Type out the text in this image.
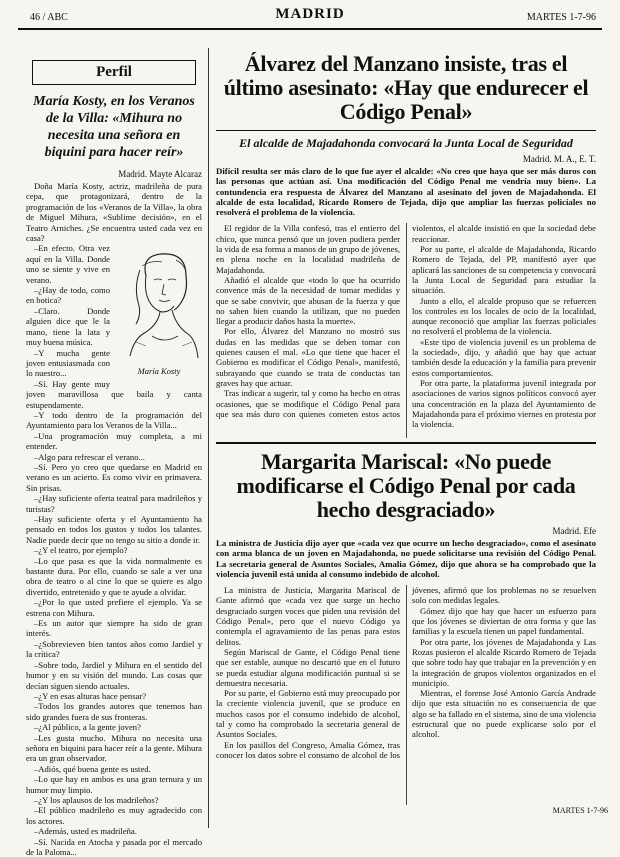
46 / ABC	MADRID	MARTES 1-7-96
Perfil
María Kosty, en los Veranos de la Villa: «Mihura no necesita una señora en biquini para hacer reír»
Madrid. Mayte Alcaraz

Doña María Kosty, actriz, madrileña de pura cepa, que protagonizará, dentro de la programación de los «Veranos de la Villa», la obra de Miguel Mihura, «Sublime decisión», en el Teatro Arniches. ¿Se encuentra usted cada vez en casa?

María Kosty

–En efecto. Otra vez aquí en la Villa. Donde uno se siente y vive en verano.

–¿Hay de todo, como en botica?

–Claro. Donde alguien dice que le la mano, tiene la lata y muy buena música.

–Y mucha gente joven entusiasmada con lo nuestro...

–Sí. Hay gente muy joven maravillosa que baila y canta estupendamente.

–Y todo dentro de la programación del Ayuntamiento para los Veranos de la Villa...

–Una programación muy completa, a mi entender.

–Algo para refrescar el verano...

–Sí. Pero yo creo que quedarse en Madrid en verano es un acierto. Es como vivir en primavera. Sin prisas.

–¿Hay suficiente oferta teatral para madrileños y turistas?

–Hay suficiente oferta y el Ayuntamiento ha pensado en todos los gustos y todos los talantes. Nadie puede decir que no tengo su sitio a donde ir.

–¿Y el teatro, por ejemplo?

–Lo que pasa es que la vida normalmente es bastante dura. Por ello, cuando se sale a ver una obra de teatro o al cine lo que se quiere es algo divertido, entretenido y que te ayude a olvidar.

–¿Por lo que usted prefiere el ejemplo. Ya se estrena con Mihura.

–Es un autor que siempre ha sido de gran interés.

–¿Sobrevieven bien tantos años como Jardiel y la crítica?

–Sobre todo, Jardiel y Mihura en el sentido del humor y en su visión del mundo. Las cosas que decían siguen siendo actuales.

–¿Y en esas alturas hace pensar?

–Todos los grandes autores que tenemos han sido grandes fuera de sus fronteras.

–¿Al público, a la gente joven?

–Les gusta mucho. Mihura no necesita una señora en biquini para hacer reír a la gente. Mihura era un gran observador.

–Adiós, qué buena gente es usted.

–Lo que hay en ambos es una gran ternura y un humor muy limpio.

–¿Y los aplausos de los madrileños?

–El público madrileño es muy agradecido con los actores.

–Además, usted es madrileña.

–Sí. Nacida en Atocha y pasada por el mercado de la Paloma...

Álvarez del Manzano insiste, tras el último asesinato: «Hay que endurecer el Código Penal»
El alcalde de Majadahonda convocará la Junta Local de Seguridad
Madrid. M. A., E. T.
Difícil resulta ser más claro de lo que fue ayer el alcalde: «No creo que haya que ser más duros con las personas que actúan así. Una modificación del Código Penal me vendría muy bien». La contundencia era respuesta de Álvarez del Manzano al asesinato del joven de Majadahonda. El alcalde de esta localidad, Ricardo Romero de Tejada, dijo que ampliar las fuerzas policiales no resolverá el problema de la violencia.

El regidor de la Villa confesó, tras el entierro del chico, que nunca pensó que un joven pudiera perder la vida de esa forma a manos de un grupo de jóvenes, en plena noche en la localidad madrileña de Majadahonda.

Añadió el alcalde que «todo lo que ha ocurrido convence más de la necesidad de tomar medidas y que se sabe convivir, que abusan de la fuerza y que no saben bien cuando la utilizan, que no pueden llegar a producir daños hasta la muerte».

Por ello, Álvarez del Manzano no mostró sus dudas en las medidas que se deben tomar con quienes causen el mal. «Lo que tiene que hacer el Gobierno es modificar el Código Penal», manifestó, subrayando que cuando se trata de conductas tan graves hay que actuar.

Tras indicar a sugerir, tal y como ha hecho en otras ocasiones, que se modifique el Código Penal para que sea más duro con quienes cometen estos actos violentos, el alcalde insistió en que la sociedad debe reaccionar.

Por su parte, el alcalde de Majadahonda, Ricardo Romero de Tejada, del PP, manifestó ayer que aplicará las sanciones de su competencia y convocará la Junta Local de Seguridad para estudiar la situación.

Junto a ello, el alcalde propuso que se refuercen los controles en los locales de ocio de la localidad, aunque reconoció que ampliar las fuerzas policiales no resolverá el problema de la violencia.

«Este tipo de violencia juvenil es un problema de la sociedad», dijo, y añadió que hay que actuar también desde la educación y la familia para prevenir estos comportamientos.

Por otra parte, la plataforma juvenil integrada por asociaciones de varios signos políticos convocó ayer una concentración en la plaza del Ayuntamiento de Majadahonda para el próximo viernes en protesta por la violencia.

Margarita Mariscal: «No puede modificarse el Código Penal por cada hecho desgraciado»
Madrid. Efe
La ministra de Justicia dijo ayer que «cada vez que ocurre un hecho desgraciado», como el asesinato con arma blanca de un joven en Majadahonda, no puede solicitarse una revisión del Código Penal. La secretaria general de Asuntos Sociales, Amalia Gómez, dijo que ahora se ha comprobado que la violencia juvenil está unida al consumo indebido de alcohol.

La ministra de Justicia, Margarita Mariscal de Gante afirmó que «cada vez que surge un hecho desgraciado surgen voces que piden una revisión del Código Penal», pero que el nuevo Código ya contempla el agravamiento de las penas para estos delitos.

Según Mariscal de Gante, el Código Penal tiene que ser estable, aunque no descartó que en el futuro se pueda estudiar alguna modificación puntual si se demuestra necesaria.

Por su parte, el Gobierno está muy preocupado por la creciente violencia juvenil, que se produce en muchos casos por el consumo indebido de alcohol, tal y como ha comprobado la secretaria general de Asuntos Sociales.

En los pasillos del Congreso, Amalia Gómez, tras conocer los datos sobre el consumo de alcohol de los jóvenes, afirmó que los problemas no se resuelven solo con medidas legales.

Gómez dijo que hay que hacer un esfuerzo para que los jóvenes se diviertan de otra forma y que las familias y la escuela tienen un papel fundamental.

Por otra parte, los jóvenes de Majadahonda y Las Rozas pusieron el alcalde Ricardo Romero de Tejada que sobre todo hay que trabajar en la prevención y en la integración de grupos violentos organizados en el municipio.

Mientras, el forense José Antonio García Andrade dijo que esta situación no es consecuencia de que algo se ha fallado en el sistema, sino de una violencia estructural que no puede explicarse solo por el alcohol.

MARTES 1-7-96
